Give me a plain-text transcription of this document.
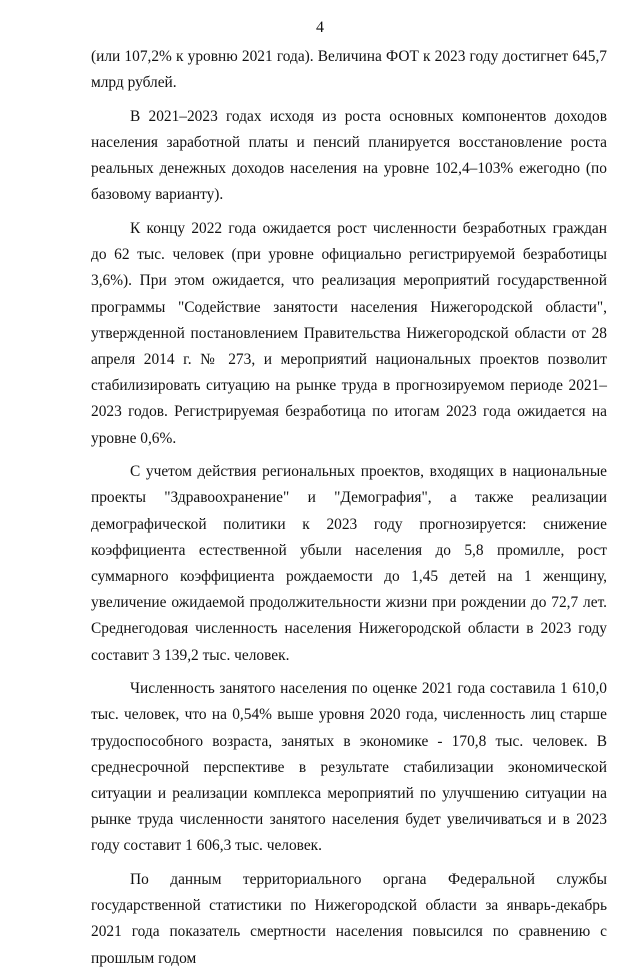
4

(или 107,2% к уровню 2021 года). Величина ФОТ к 2023 году достигнет 645,7 млрд рублей.

В 2021–2023 годах исходя из роста основных компонентов доходов населения заработной платы и пенсий планируется восстановление роста реальных денежных доходов населения на уровне 102,4–103% ежегодно (по базовому варианту).

К концу 2022 года ожидается рост численности безработных граждан до 62 тыс. человек (при уровне официально регистрируемой безработицы 3,6%). При этом ожидается, что реализация мероприятий государственной программы "Содействие занятости населения Нижегородской области", утвержденной постановлением Правительства Нижегородской области от 28 апреля 2014 г. № 273, и мероприятий национальных проектов позволит стабилизировать ситуацию на рынке труда в прогнозируемом периоде 2021–2023 годов. Регистрируемая безработица по итогам 2023 года ожидается на уровне 0,6%.

С учетом действия региональных проектов, входящих в национальные проекты "Здравоохранение" и "Демография", а также реализации демографической политики к 2023 году прогнозируется: снижение коэффициента естественной убыли населения до 5,8 промилле, рост суммарного коэффициента рождаемости до 1,45 детей на 1 женщину, увеличение ожидаемой продолжительности жизни при рождении до 72,7 лет. Среднегодовая численность населения Нижегородской области в 2023 году составит 3 139,2 тыс. человек.

Численность занятого населения по оценке 2021 года составила 1 610,0 тыс. человек, что на 0,54% выше уровня 2020 года, численность лиц старше трудоспособного возраста, занятых в экономике - 170,8 тыс. человек. В среднесрочной перспективе в результате стабилизации экономической ситуации и реализации комплекса мероприятий по улучшению ситуации на рынке труда численности занятого населения будет увеличиваться и в 2023 году составит 1 606,3 тыс. человек.

По данным территориального органа Федеральной службы государственной статистики по Нижегородской области за январь-декабрь 2021 года показатель смертности населения повысился по сравнению с прошлым годом
